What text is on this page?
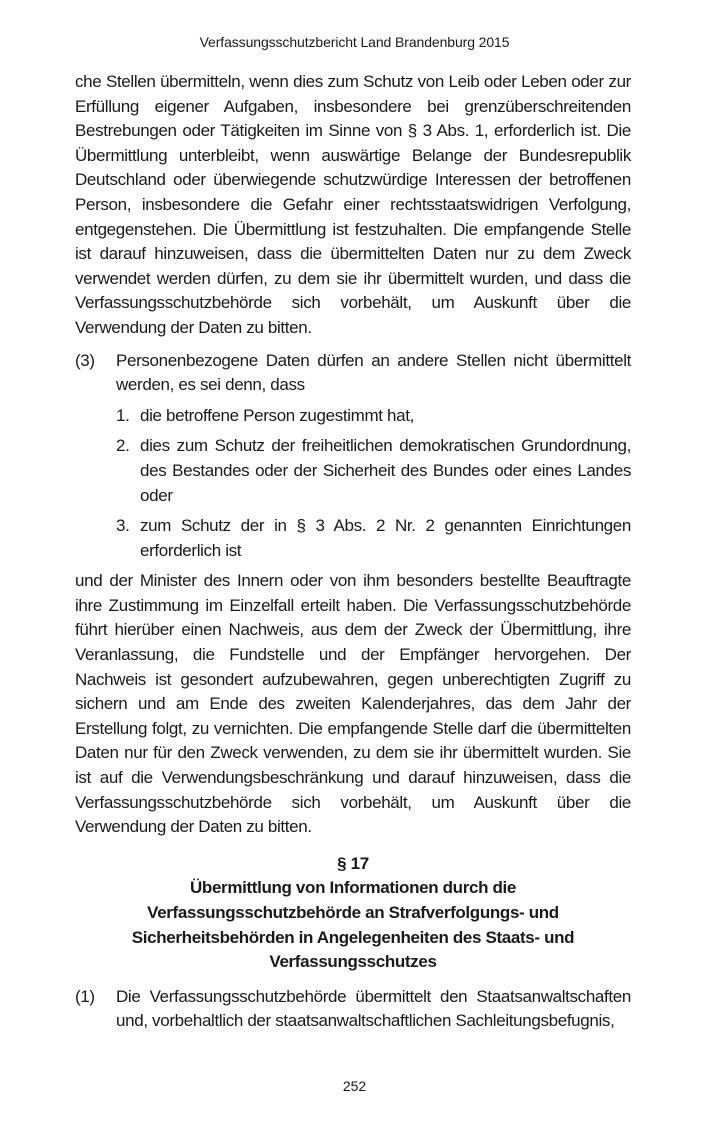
Verfassungsschutzbericht Land Brandenburg 2015

che Stellen übermitteln, wenn dies zum Schutz von Leib oder Leben oder zur Erfüllung eigener Aufgaben, insbesondere bei grenzüberschreitenden Bestrebungen oder Tätigkeiten im Sinne von § 3 Abs. 1, erforderlich ist. Die Übermittlung unterbleibt, wenn auswärtige Belange der Bundesrepublik Deutschland oder überwiegende schutzwürdige Interessen der betroffenen Person, insbesondere die Gefahr einer rechtsstaatswidrigen Verfolgung, entgegenstehen. Die Übermittlung ist festzuhalten. Die empfangende Stelle ist darauf hinzuweisen, dass die übermittelten Daten nur zu dem Zweck verwendet werden dürfen, zu dem sie ihr übermittelt wurden, und dass die Verfassungsschutzbehörde sich vorbehält, um Auskunft über die Verwendung der Daten zu bitten.

(3)	Personenbezogene Daten dürfen an andere Stellen nicht übermittelt werden, es sei denn, dass
1. die betroffene Person zugestimmt hat,
2. dies zum Schutz der freiheitlichen demokratischen Grundordnung, des Bestandes oder der Sicherheit des Bundes oder eines Landes oder
3. zum Schutz der in § 3 Abs. 2 Nr. 2 genannten Einrichtungen erforderlich ist

und der Minister des Innern oder von ihm besonders bestellte Beauftragte ihre Zustimmung im Einzelfall erteilt haben. Die Verfassungsschutzbehörde führt hierüber einen Nachweis, aus dem der Zweck der Übermittlung, ihre Veranlassung, die Fundstelle und der Empfänger hervorgehen. Der Nachweis ist gesondert aufzubewahren, gegen unberechtigten Zugriff zu sichern und am Ende des zweiten Kalenderjahres, das dem Jahr der Erstellung folgt, zu vernichten. Die empfangende Stelle darf die übermittelten Daten nur für den Zweck verwenden, zu dem sie ihr übermittelt wurden. Sie ist auf die Verwendungsbeschränkung und darauf hinzuweisen, dass die Verfassungsschutzbehörde sich vorbehält, um Auskunft über die Verwendung der Daten zu bitten.

§ 17
Übermittlung von Informationen durch die
Verfassungsschutzbehörde an Strafverfolgungs- und Sicherheitsbehörden in Angelegenheiten des Staats- und Verfassungsschutzes
(1)	Die Verfassungsschutzbehörde übermittelt den Staatsanwaltschaften und, vorbehaltlich der staatsanwaltschaftlichen Sachleitungsbefugnis,
252
